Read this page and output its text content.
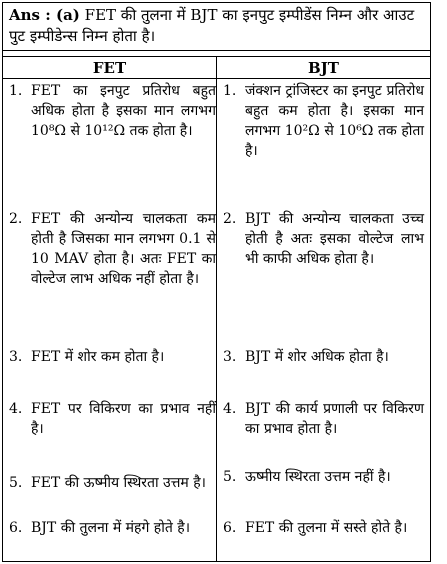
Ans : (a) FET की तुलना में BJT का इनपुट इम्पीडेंस निम्न और आउट पुट इम्पीडेन्स निम्न होता है।
FET	BJT
1. FET का इनपुट प्रतिरोध बहुत अधिक होता है इसका मान लगभग 10⁸Ω से 10¹²Ω तक होता है।
2. FET की अन्योन्य चालकता कम होती है जिसका मान लगभग 0.1 से 10 MAV होता है। अतः FET का वोल्टेज लाभ अधिक नहीं होता है।
3. FET में शोर कम होता है।
4. FET पर विकिरण का प्रभाव नहीं है।
5. FET की ऊष्मीय स्थिरता उत्तम है।
6. BJT की तुलना में मंहगे होते है।
1. जंक्शन ट्रांजिस्टर का इनपुट प्रतिरोध बहुत कम होता है। इसका मान लगभग 10²Ω से 10⁶Ω तक होता है।
2. BJT की अन्योन्य चालकता उच्च होती है अतः इसका वोल्टेज लाभ भी काफी अधिक होता है।
3. BJT में शोर अधिक होता है।
4. BJT की कार्य प्रणाली पर विकिरण का प्रभाव होता है।
5. ऊष्मीय स्थिरता उत्तम नहीं है।
6. FET की तुलना में सस्ते होते है।
